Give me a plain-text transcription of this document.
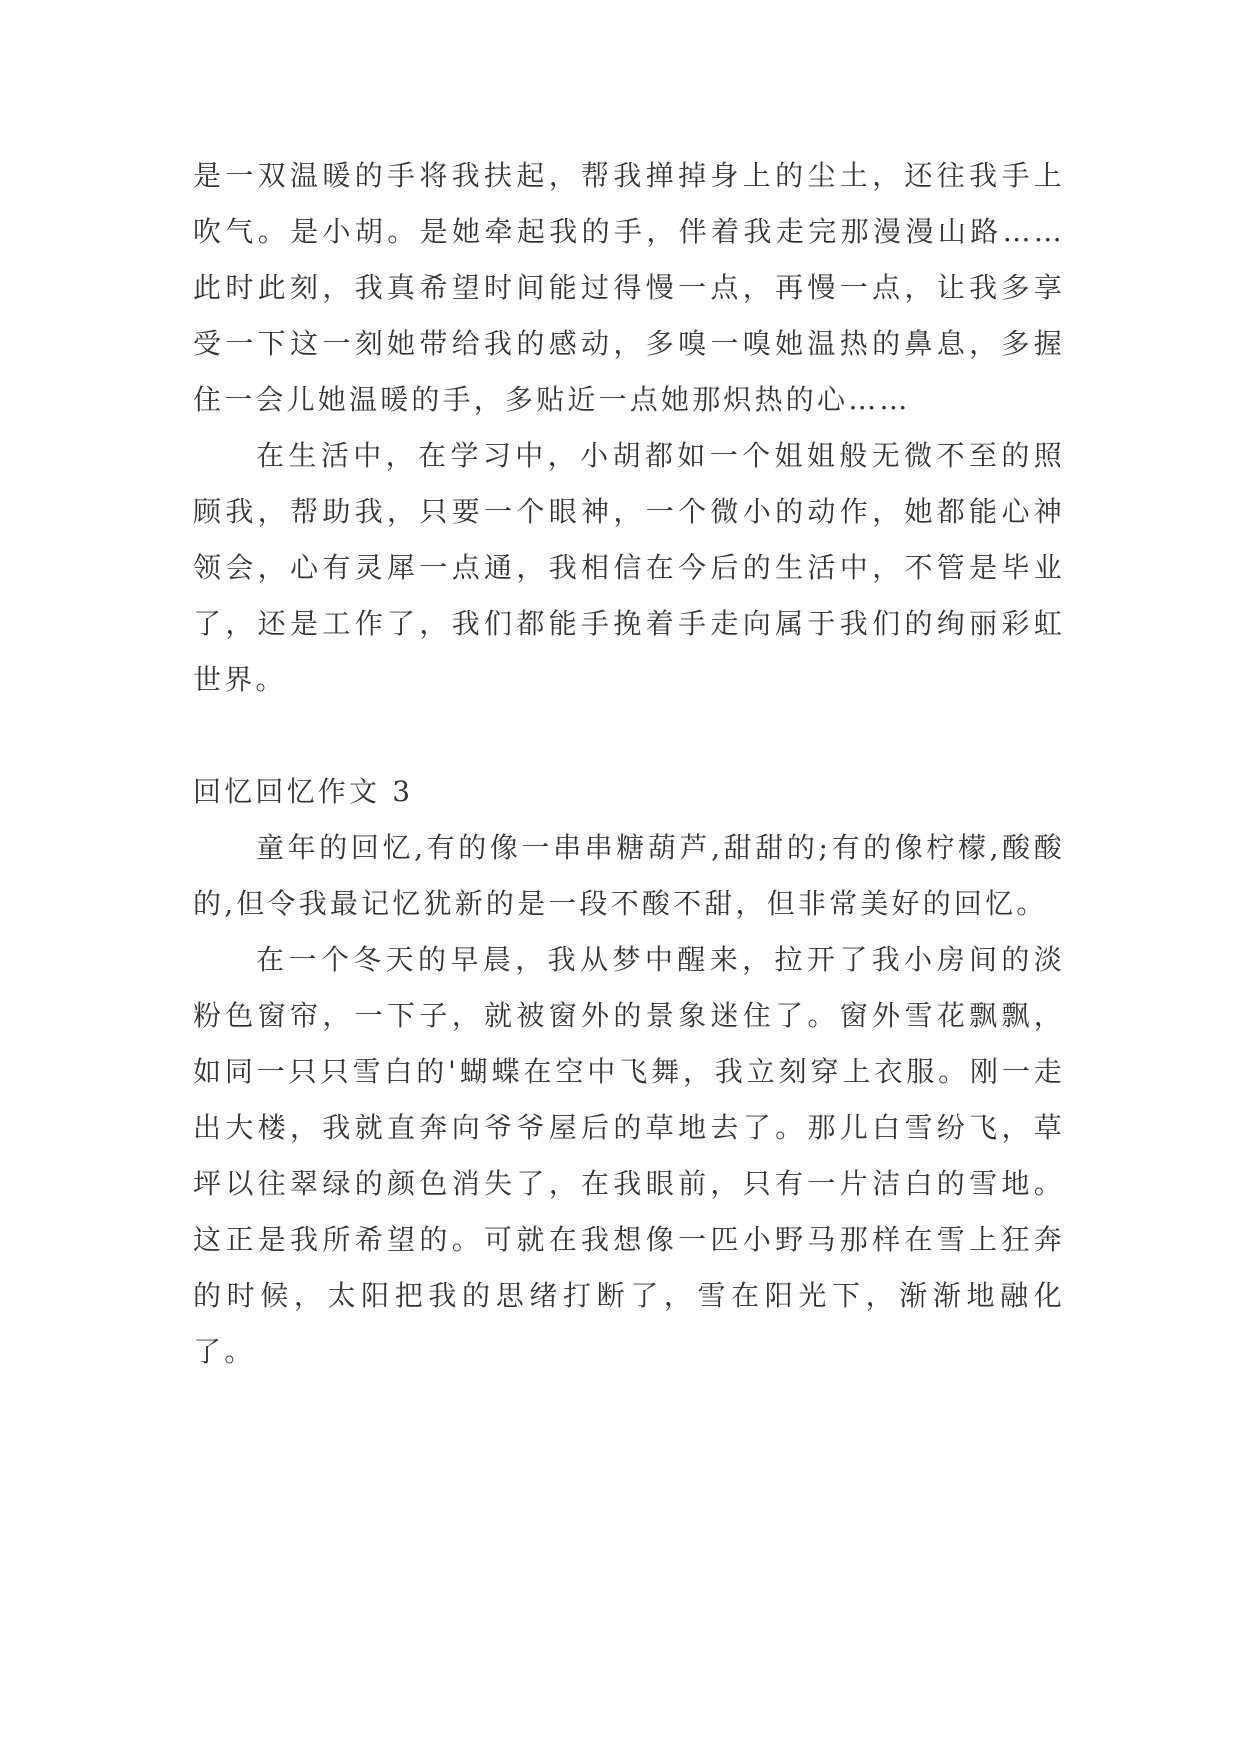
是一双温暖的手将我扶起，帮我掸掉身上的尘土，还往我手上吹气。是小胡。是她牵起我的手，伴着我走完那漫漫山路……此时此刻，我真希望时间能过得慢一点，再慢一点，让我多享受一下这一刻她带给我的感动，多嗅一嗅她温热的鼻息，多握住一会儿她温暖的手，多贴近一点她那炽热的心……

在生活中，在学习中，小胡都如一个姐姐般无微不至的照顾我，帮助我，只要一个眼神，一个微小的动作，她都能心神领会，心有灵犀一点通，我相信在今后的生活中，不管是毕业了，还是工作了，我们都能手挽着手走向属于我们的绚丽彩虹世界。

回忆回忆作文 3

童年的回忆,有的像一串串糖葫芦,甜甜的;有的像柠檬,酸酸的,但令我最记忆犹新的是一段不酸不甜，但非常美好的回忆。

在一个冬天的早晨，我从梦中醒来，拉开了我小房间的淡粉色窗帘，一下子，就被窗外的景象迷住了。窗外雪花飘飘，如同一只只雪白的'蝴蝶在空中飞舞，我立刻穿上衣服。刚一走出大楼，我就直奔向爷爷屋后的草地去了。那儿白雪纷飞，草坪以往翠绿的颜色消失了，在我眼前，只有一片洁白的雪地。这正是我所希望的。可就在我想像一匹小野马那样在雪上狂奔的时候，太阳把我的思绪打断了，雪在阳光下，渐渐地融化了。
